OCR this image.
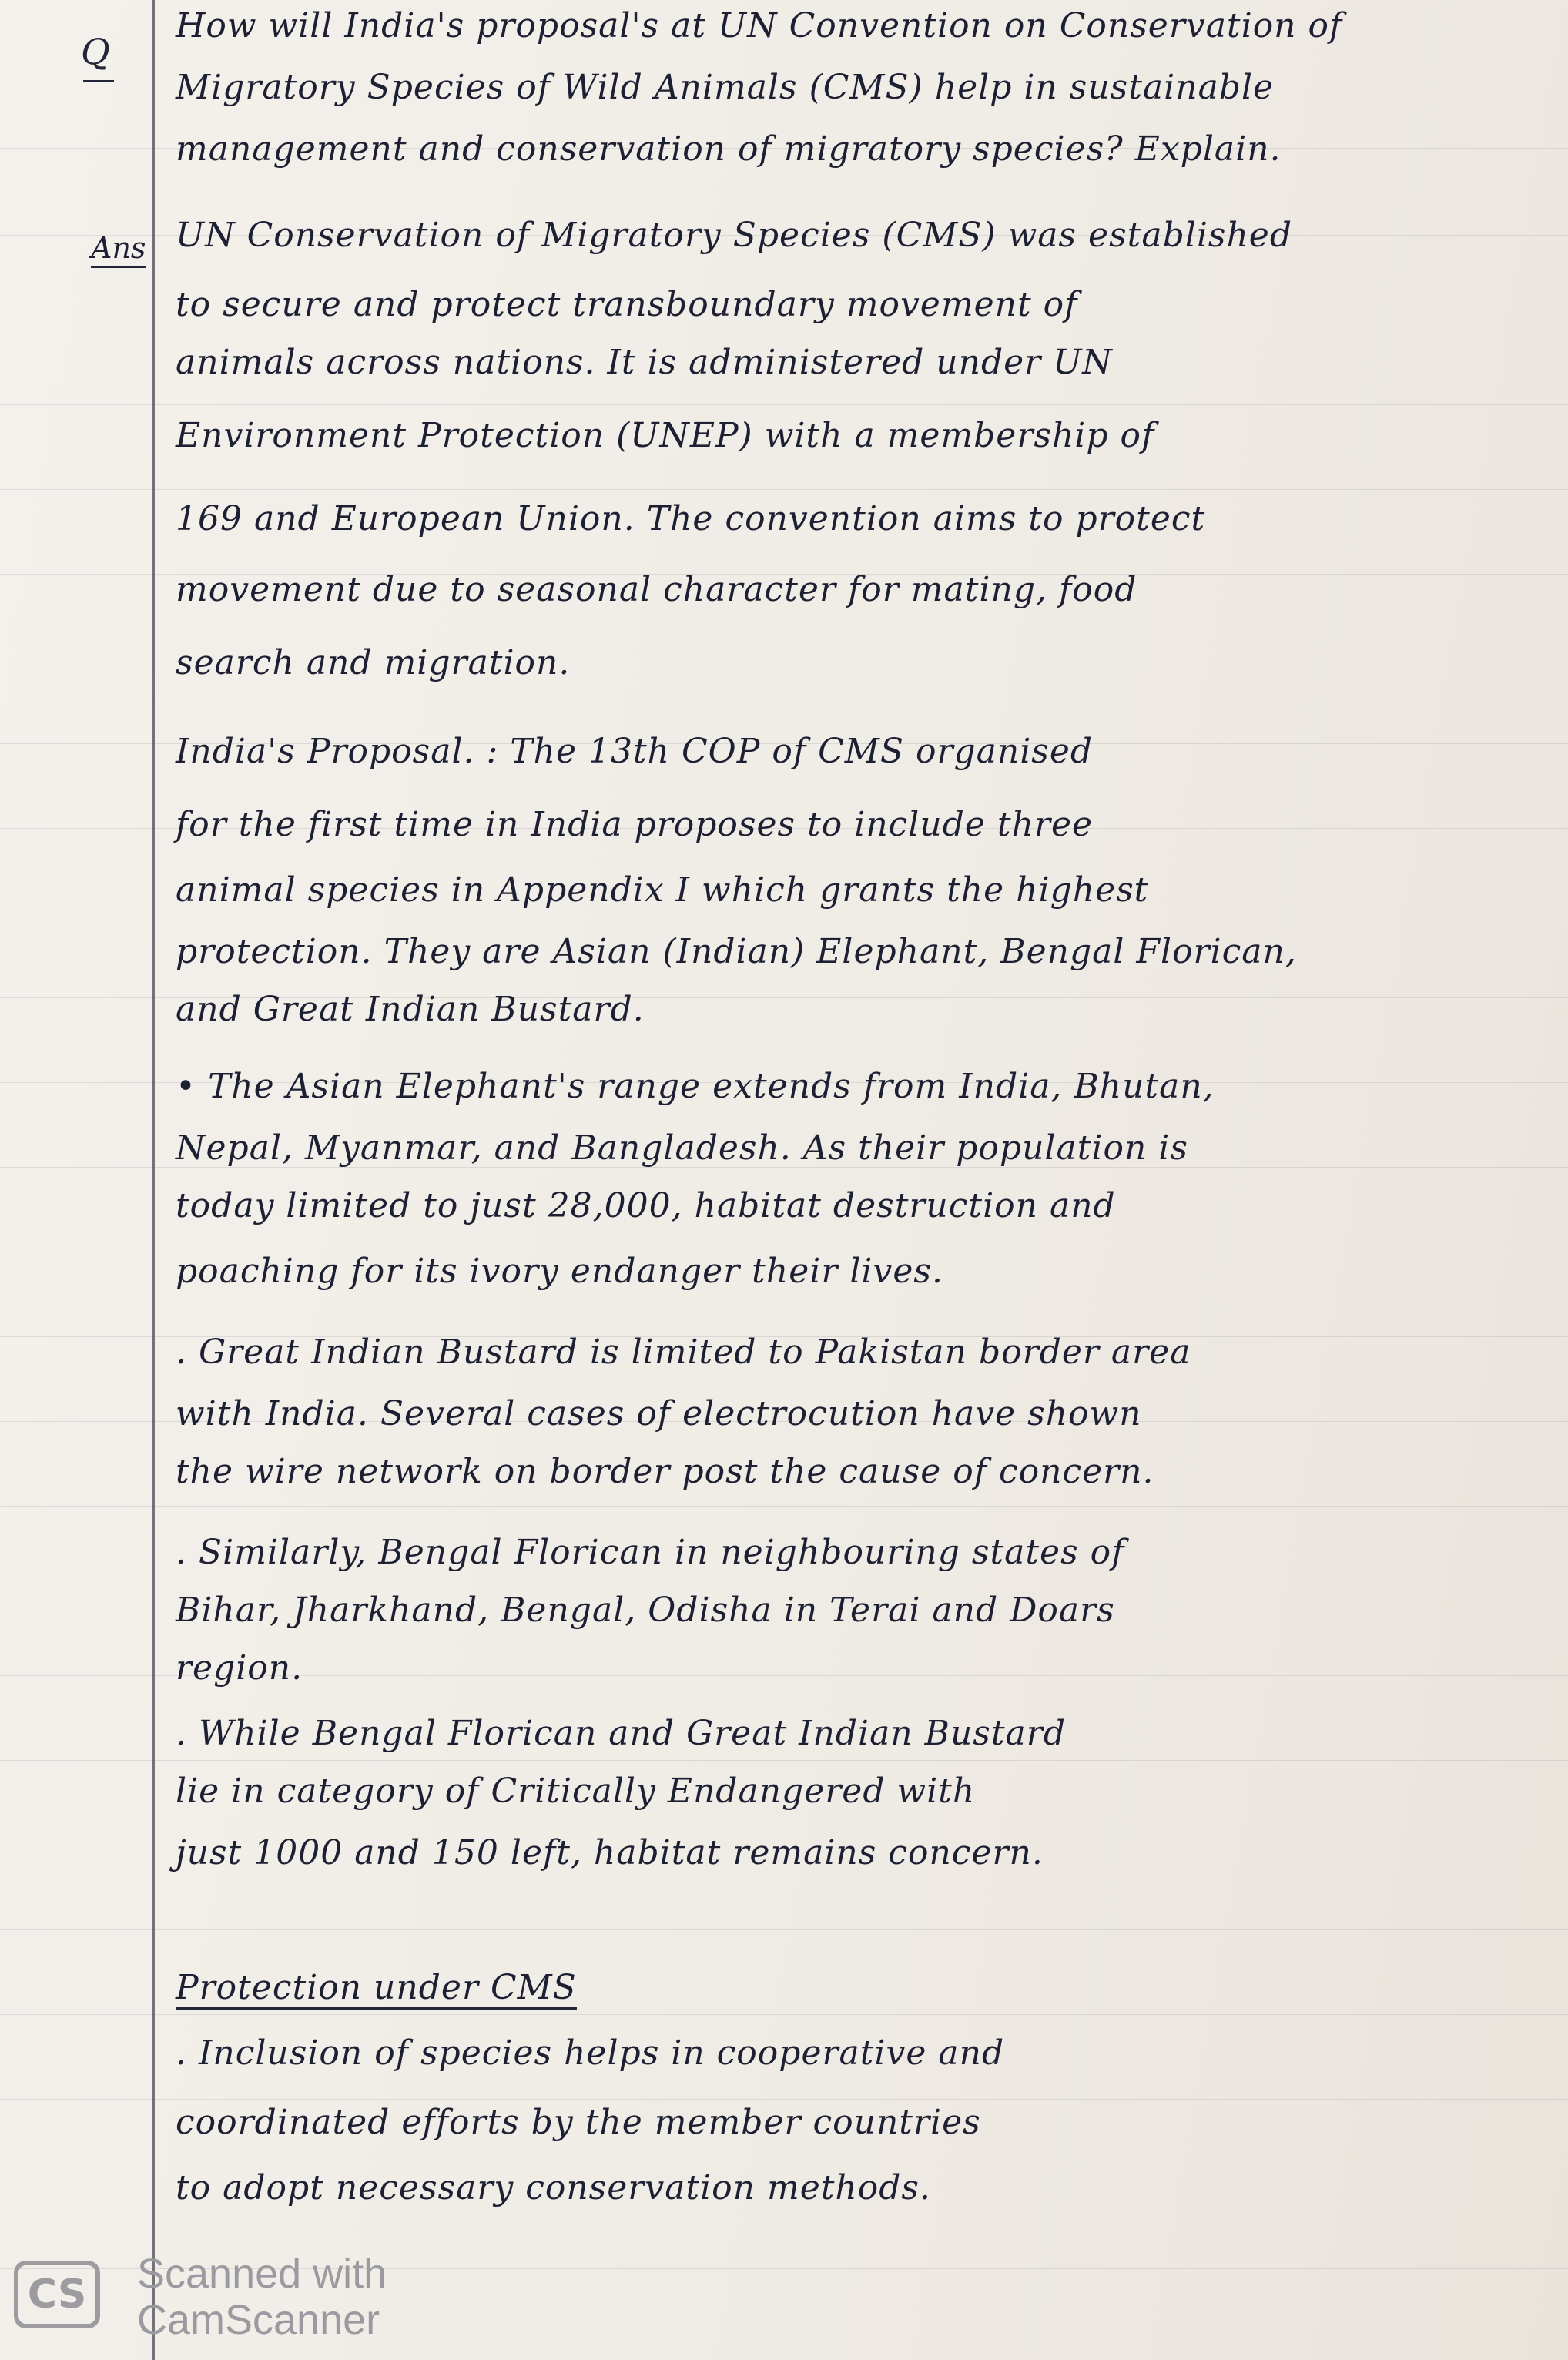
Q
Ans
How will India's proposal's at UN Convention on Conservation of
Migratory Species of Wild Animals (CMS) help in sustainable
management and conservation of migratory species? Explain.
UN Conservation of Migratory Species (CMS) was established
to secure and protect transboundary movement of
animals across nations. It is administered under UN
Environment Protection (UNEP) with a membership of
169 and European Union. The convention aims to protect
movement due to seasonal character for mating, food
search and migration.
India's Proposal. : The 13th COP of CMS organised
for the first time in India proposes to include three
animal species in Appendix I which grants the highest
protection. They are Asian (Indian) Elephant, Bengal Florican,
and Great Indian Bustard.
• The Asian Elephant's range extends from India, Bhutan,
Nepal, Myanmar, and Bangladesh. As their population is
today limited to just 28,000, habitat destruction and
poaching for its ivory endanger their lives.
. Great Indian Bustard is limited to Pakistan border area
with India. Several cases of electrocution have shown
the wire network on border post the cause of concern.
. Similarly, Bengal Florican in neighbouring states of
Bihar, Jharkhand, Bengal, Odisha in Terai and Doars
region.
. While Bengal Florican and Great Indian Bustard
lie in category of Critically Endangered with
just 1000 and 150 left, habitat remains concern.
Protection under CMS
. Inclusion of species helps in cooperative and
coordinated efforts by the member countries
to adopt necessary conservation methods.
CS	Scanned with
CamScanner
